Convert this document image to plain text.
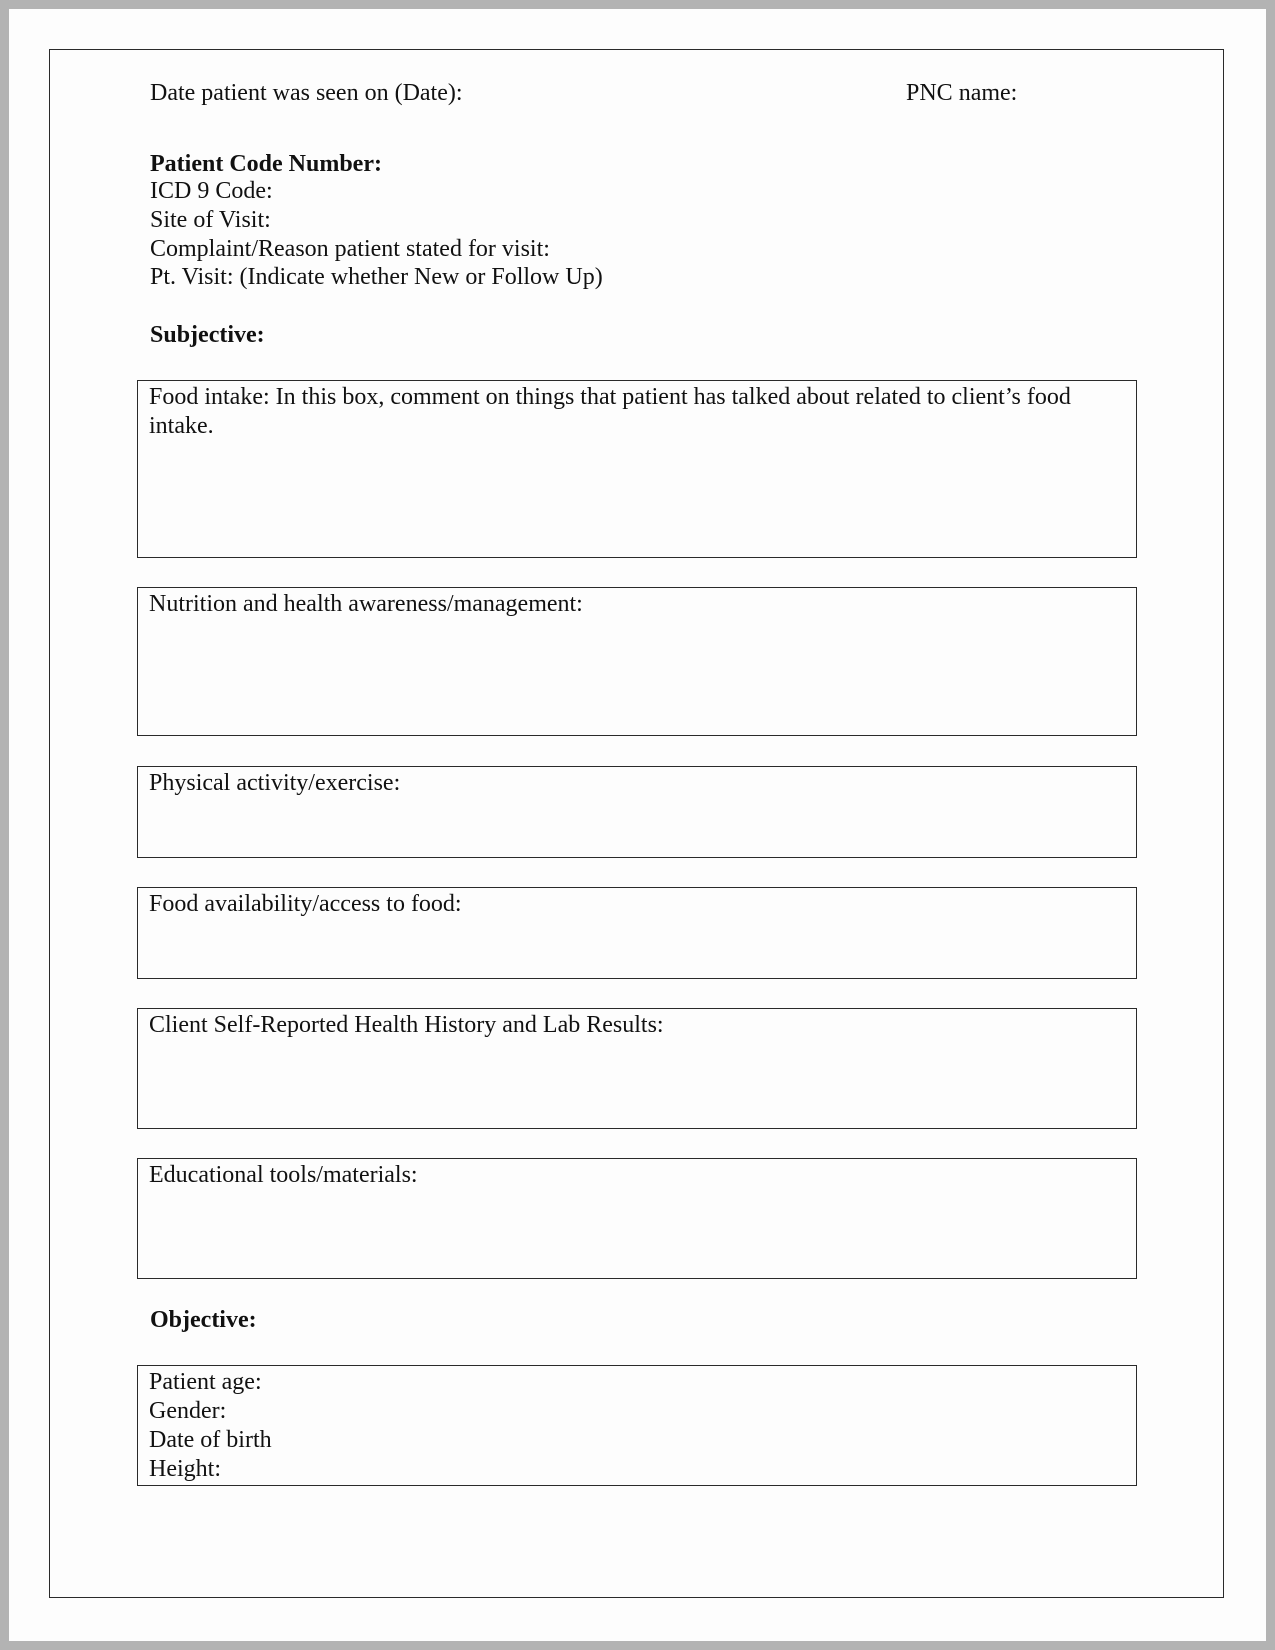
Date patient was seen on (Date):	PNC name:
Patient Code Number:
ICD 9 Code:
Site of Visit:
Complaint/Reason patient stated for visit:
Pt. Visit: (Indicate whether New or Follow Up)
Subjective:
Food intake: In this box, comment on things that patient has talked about related to client’s food intake.
Nutrition and health awareness/management:
Physical activity/exercise:
Food availability/access to food:
Client Self-Reported Health History and Lab Results:
Educational tools/materials:
Objective:
Patient age:
Gender:
Date of birth
Height:
